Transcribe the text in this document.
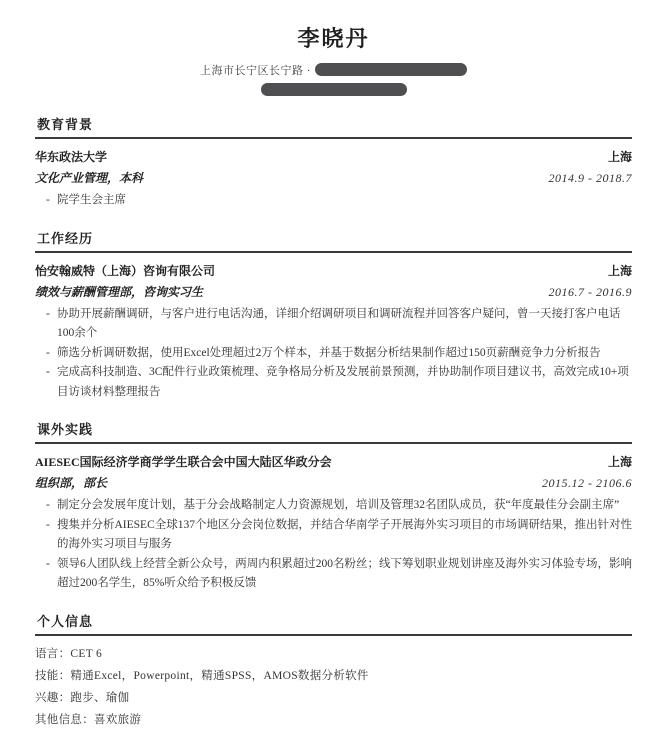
李晓丹
上海市长宁区长宁路 ·
教育背景
华东政法大学	上海
文化产业管理，本科	2014.9 - 2018.7
- 院学生会主席
工作经历
怡安翰威特（上海）咨询有限公司	上海
绩效与薪酬管理部，咨询实习生	2016.7 - 2016.9
- 协助开展薪酬调研，与客户进行电话沟通，详细介绍调研项目和调研流程并回答客户疑问，曾一天接打客户电话100余个
- 筛选分析调研数据，使用Excel处理超过2万个样本，并基于数据分析结果制作超过150页薪酬竞争力分析报告
- 完成高科技制造、3C配件行业政策梳理、竞争格局分析及发展前景预测，并协助制作项目建议书，高效完成10+项目访谈材料整理报告
课外实践
AIESEC国际经济学商学学生联合会中国大陆区华政分会	上海
组织部，部长	2015.12 - 2106.6
- 制定分会发展年度计划，基于分会战略制定人力资源规划，培训及管理32名团队成员，获“年度最佳分会副主席”
- 搜集并分析AIESEC全球137个地区分会岗位数据，并结合华南学子开展海外实习项目的市场调研结果，推出针对性的海外实习项目与服务
- 领导6人团队线上经营全新公众号，两周内积累超过200名粉丝；线下筹划职业规划讲座及海外实习体验专场，影响超过200名学生，85%听众给予积极反馈
个人信息

语言：CET 6

技能：精通Excel，Powerpoint，精通SPSS，AMOS数据分析软件

兴趣：跑步、瑜伽

其他信息：喜欢旅游
